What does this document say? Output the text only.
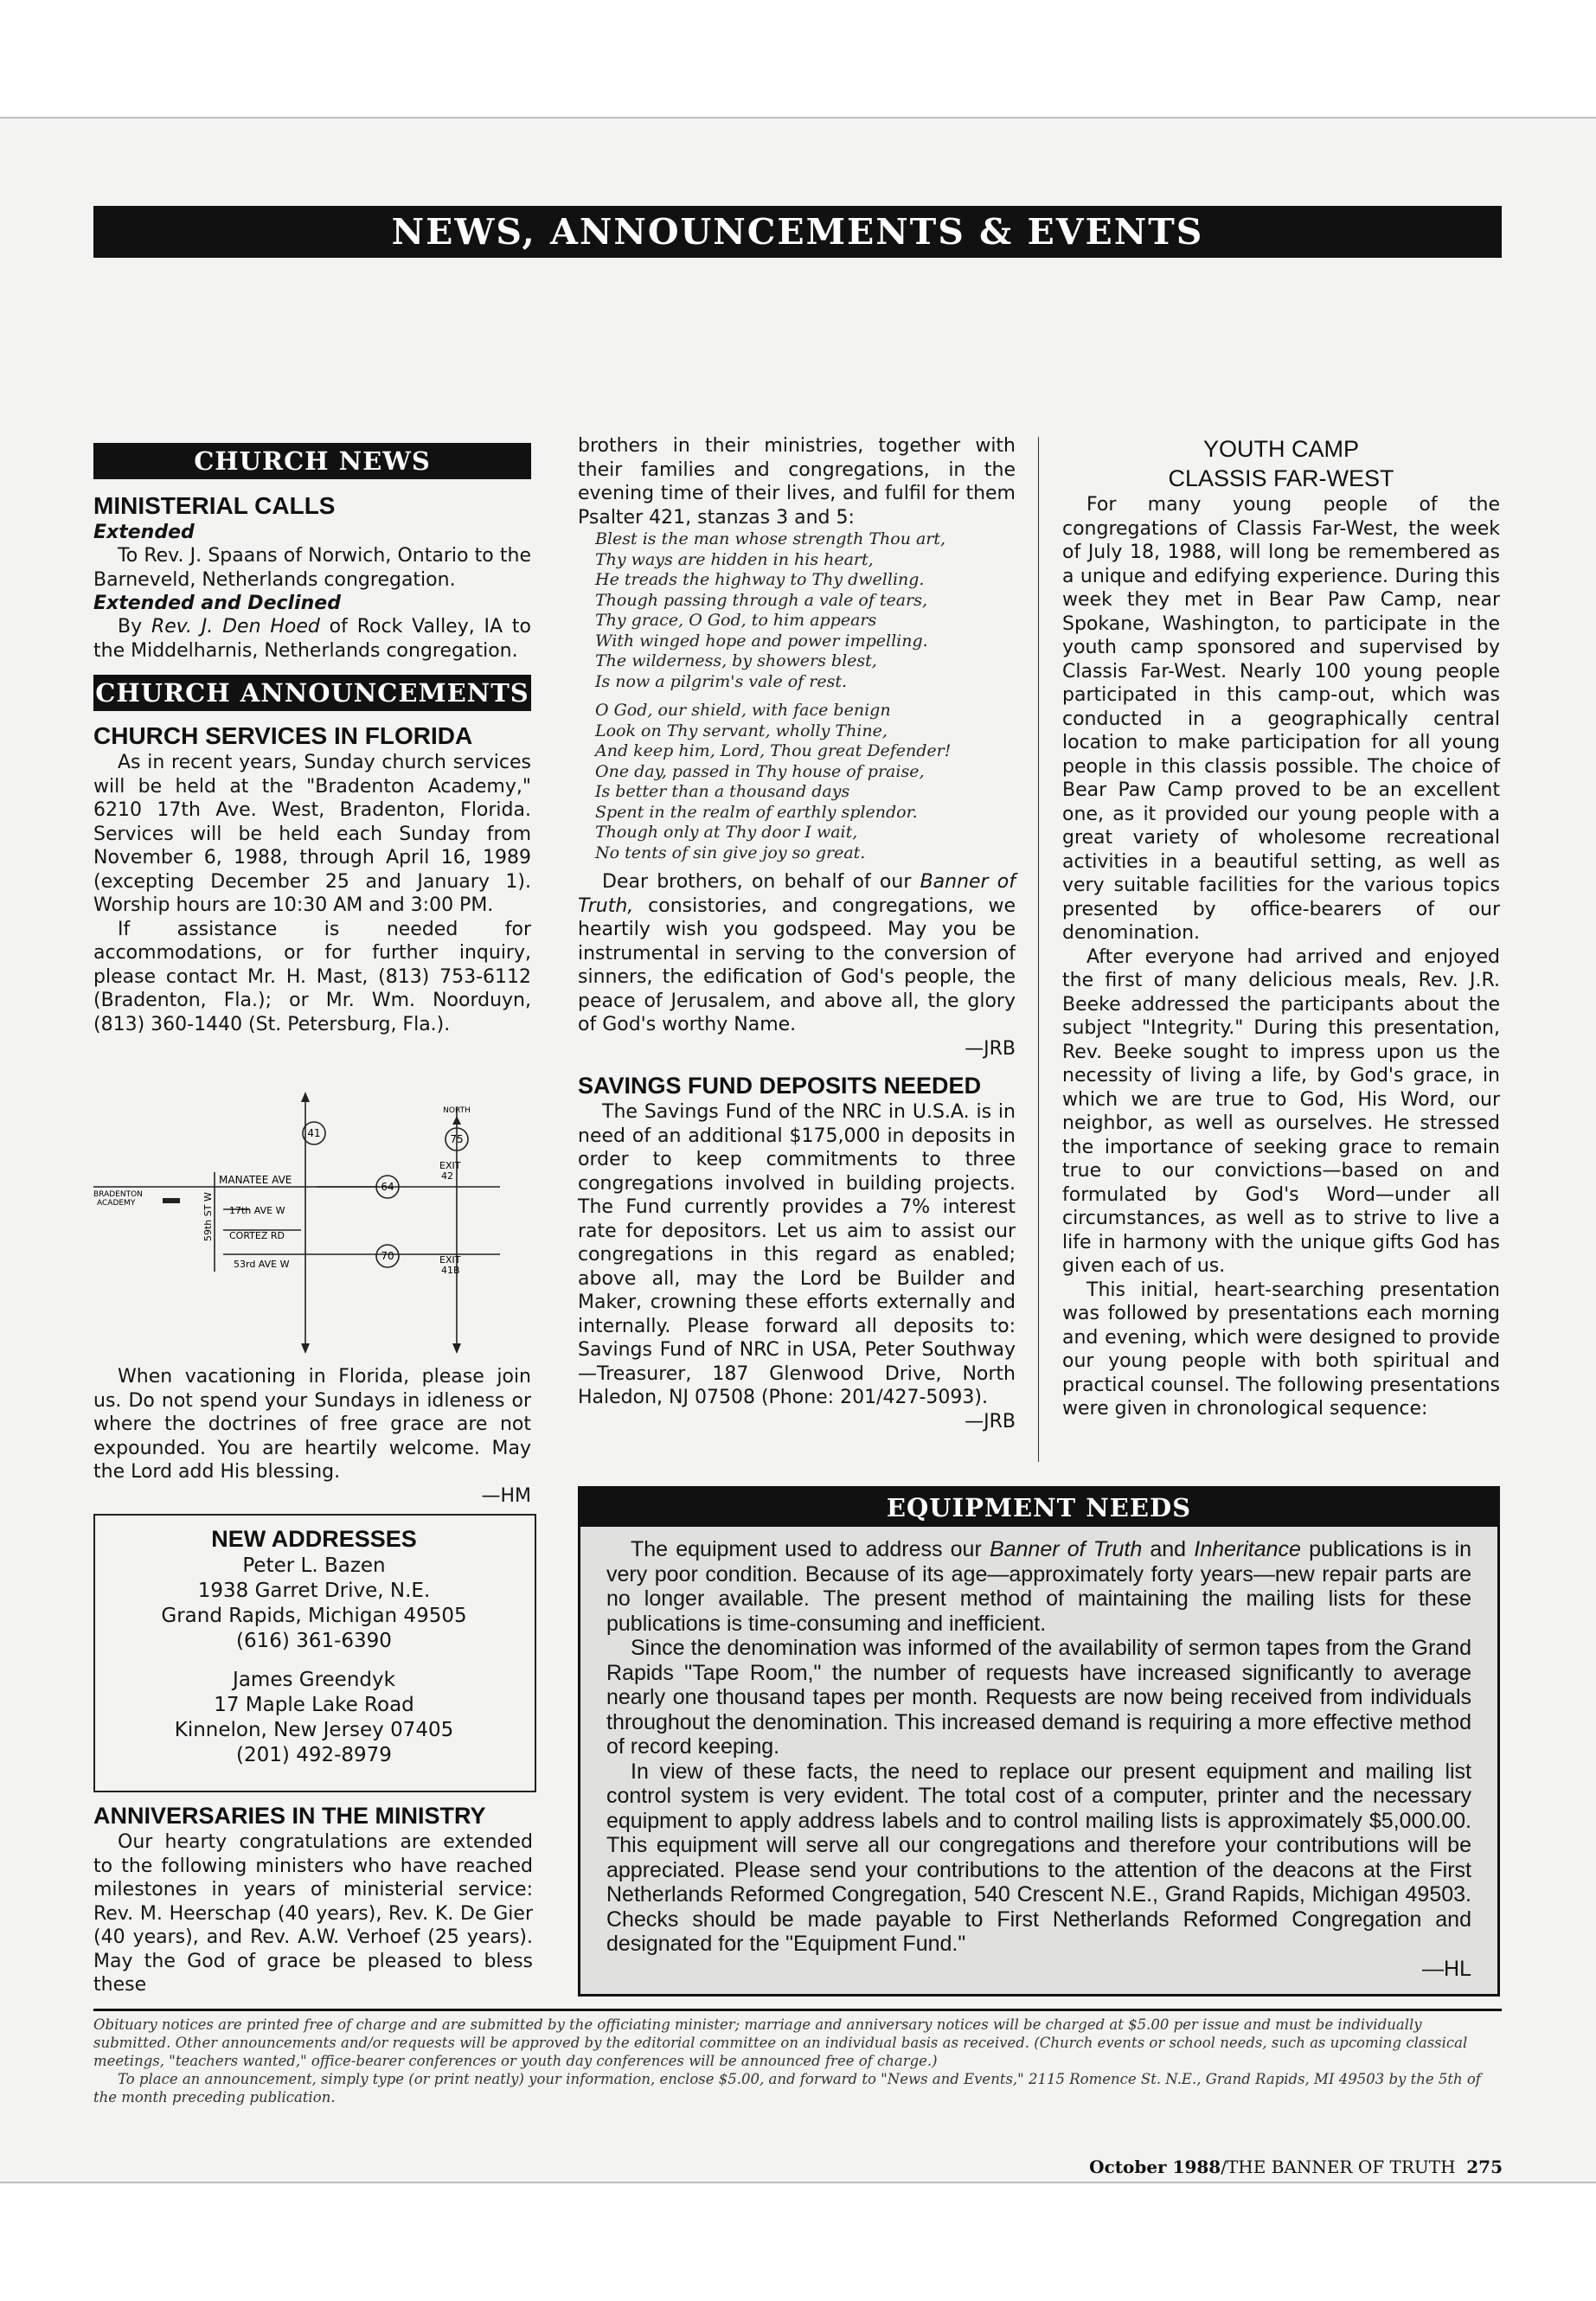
NEWS, ANNOUNCEMENTS & EVENTS
CHURCH NEWS
MINISTERIAL CALLS
Extended

To Rev. J. Spaans of Norwich, Ontario to the Barneveld, Netherlands congregation.

Extended and Declined

By Rev. J. Den Hoed of Rock Valley, IA to the Middelharnis, Netherlands congregation.

CHURCH ANNOUNCEMENTS
CHURCH SERVICES IN FLORIDA

As in recent years, Sunday church services will be held at the "Bradenton Academy," 6210 17th Ave. West, Bradenton, Florida. Services will be held each Sunday from November 6, 1988, through April 16, 1989 (excepting December 25 and January 1). Worship hours are 10:30 AM and 3:00 PM.

If assistance is needed for accommodations, or for further inquiry, please contact Mr. H. Mast, (813) 753-6112 (Bradenton, Fla.); or Mr. Wm. Noorduyn, (813) 360-1440 (St. Petersburg, Fla.).

NORTH
41	75
64
70
EXIT
42
EXIT
41B
MANATEE AVE
BRADENTON
ACADEMY
17th AVE W
CORTEZ RD
53rd AVE W
59th ST W

When vacationing in Florida, please join us. Do not spend your Sundays in idleness or where the doctrines of free grace are not expounded. You are heartily welcome. May the Lord add His blessing.

—HM
NEW ADDRESSES
Peter L. Bazen
1938 Garret Drive, N.E.
Grand Rapids, Michigan 49505
(616) 361-6390
James Greendyk
17 Maple Lake Road
Kinnelon, New Jersey 07405
(201) 492-8979
ANNIVERSARIES IN THE MINISTRY

Our hearty congratulations are extended to the following ministers who have reached milestones in years of ministerial service: Rev. M. Heerschap (40 years), Rev. K. De Gier (40 years), and Rev. A.W. Verhoef (25 years). May the God of grace be pleased to bless these

brothers in their ministries, together with their families and congregations, in the evening time of their lives, and fulfil for them Psalter 421, stanzas 3 and 5:

Blest is the man whose strength Thou art,
Thy ways are hidden in his heart,
He treads the highway to Thy dwelling.
Though passing through a vale of tears,
Thy grace, O God, to him appears
With winged hope and power impelling.
The wilderness, by showers blest,
Is now a pilgrim's vale of rest.
O God, our shield, with face benign
Look on Thy servant, wholly Thine,
And keep him, Lord, Thou great Defender!
One day, passed in Thy house of praise,
Is better than a thousand days
Spent in the realm of earthly splendor.
Though only at Thy door I wait,
No tents of sin give joy so great.

Dear brothers, on behalf of our Banner of Truth, consistories, and congregations, we heartily wish you godspeed. May you be instrumental in serving to the conversion of sinners, the edification of God's people, the peace of Jerusalem, and above all, the glory of God's worthy Name.

—JRB
SAVINGS FUND DEPOSITS NEEDED

The Savings Fund of the NRC in U.S.A. is in need of an additional $175,000 in deposits in order to keep commitments to three congregations involved in building projects. The Fund currently provides a 7% interest rate for depositors. Let us aim to assist our congregations in this regard as enabled; above all, may the Lord be Builder and Maker, crowning these efforts externally and internally. Please forward all deposits to: Savings Fund of NRC in USA, Peter Southway—Treasurer, 187 Glenwood Drive, North Haledon, NJ 07508 (Phone: 201/427-5093).

—JRB
YOUTH CAMP
CLASSIS FAR-WEST

For many young people of the congregations of Classis Far-West, the week of July 18, 1988, will long be remembered as a unique and edifying experience. During this week they met in Bear Paw Camp, near Spokane, Washington, to participate in the youth camp sponsored and supervised by Classis Far-West. Nearly 100 young people participated in this camp-out, which was conducted in a geographically central location to make participation for all young people in this classis possible. The choice of Bear Paw Camp proved to be an excellent one, as it provided our young people with a great variety of wholesome recreational activities in a beautiful setting, as well as very suitable facilities for the various topics presented by office-bearers of our denomination.

After everyone had arrived and enjoyed the first of many delicious meals, Rev. J.R. Beeke addressed the participants about the subject "Integrity." During this presentation, Rev. Beeke sought to impress upon us the necessity of living a life, by God's grace, in which we are true to God, His Word, our neighbor, as well as ourselves. He stressed the importance of seeking grace to remain true to our convictions—based on and formulated by God's Word—under all circumstances, as well as to strive to live a life in harmony with the unique gifts God has given each of us.

This initial, heart-searching presentation was followed by presentations each morning and evening, which were designed to provide our young people with both spiritual and practical counsel. The following presentations were given in chronological sequence:

EQUIPMENT NEEDS

The equipment used to address our Banner of Truth and Inheritance publications is in very poor condition. Because of its age—approximately forty years—new repair parts are no longer available. The present method of maintaining the mailing lists for these publications is time-consuming and inefficient.

Since the denomination was informed of the availability of sermon tapes from the Grand Rapids "Tape Room," the number of requests have increased significantly to average nearly one thousand tapes per month. Requests are now being received from individuals throughout the denomination. This increased demand is requiring a more effective method of record keeping.

In view of these facts, the need to replace our present equipment and mailing list control system is very evident. The total cost of a computer, printer and the necessary equipment to apply address labels and to control mailing lists is approximately $5,000.00. This equipment will serve all our congregations and therefore your contributions will be appreciated. Please send your contributions to the attention of the deacons at the First Netherlands Reformed Congregation, 540 Crescent N.E., Grand Rapids, Michigan 49503. Checks should be made payable to First Netherlands Reformed Congregation and designated for the "Equipment Fund."

—HL
Obituary notices are printed free of charge and are submitted by the officiating minister; marriage and anniversary notices will be charged at $5.00 per issue and must be individually submitted. Other announcements and/or requests will be approved by the editorial committee on an individual basis as received. (Church events or school needs, such as upcoming classical meetings, "teachers wanted," office-bearer conferences or youth day conferences will be announced free of charge.)
To place an announcement, simply type (or print neatly) your information, enclose $5.00, and forward to "News and Events," 2115 Romence St. N.E., Grand Rapids, MI 49503 by the 5th of the month preceding publication.
October 1988/THE BANNER OF TRUTH 275
